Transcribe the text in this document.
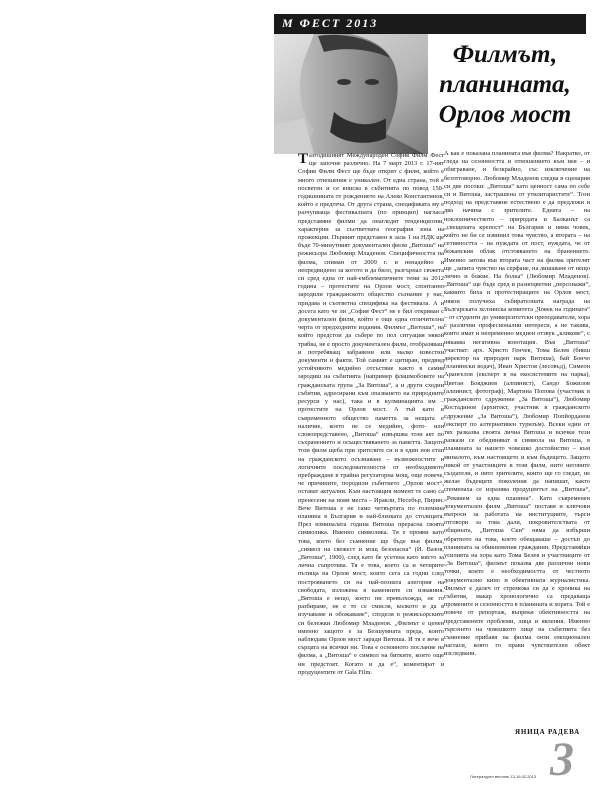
М ФЕСТ 2013
Филмът,
планината,
Орлов мост

Тазгодишният Международен София Филм Фест ще започне различно. На 7 март 2013 г. 17-ият София Филм Фест ще бъде открит с филм, който е много отношения е уникален. От една страна, той е посветен и се вписва в събитията по повод 150-годишнината от рождението на Алеко Константинов, който е предтеча. От друга страна, спецификата му е разчупваща фестивалната (по принцип) нагласа представяне филми да онагледят тенденциозни, характерни за съответната география зона на прожекции. Първият представен в зала 1 на НДК ще бъде 70-минутният документален филм „Витоша“ на режисьора Любомир Младенов. Специфичността на филма, сниман от 2009 г. и ненадейно и непредвидено за когото и да било, разгърнал сюжета си сред една от най-емблематичните теми за 2012 година – протестите на Орлов мост, спонтанно зародили гражданското общество съзнание у нас, придава и съответна специфика на фестивала. А и досега като че ли „София Фест“ не е бил откриван с документален филм, който е още една отличителна черта от предходните издания. Филмът „Витоша“, на който предстои да събере по пол ситуация някой трябва, не е просто документален филм, отобразяващ и потребяващ забравени или малко известни документи и факти. Той самият е цитиран, предвид устойчивото медийно отсъствие както в самия зародиш на събитията (например флашмобовете на гражданската група „За Витоша“, а и други сходни събития, адресирани към опазването на природните ресурси у нас), така и в кулминацията им – протестите на Орлов мост. А тъй като в съвременното общество паметта за нещата е наличие, което не се медийно, фото- или словопредставено, „Витоша“ извършва този акт по съхранението и осъществяването за паметта. Защото този филм щеба при зрителите си и в един нов етап на гражданското осъзнаване – възможностите и логичните последователности от необходимото пребраждане в трайна регулаторна мощ, още повече, че причините, породили събитието „Орлов мост“, остават актуални. Към настоящия момент те само са пренесени на нови места – Иракли, Несебър, Пирин. Вече Витоша е не само четвъртата по големина планина в България и най-близката до столицата. През изминалата година Витоша прерасна своята символика. Именно символика. Тя е прояви като това, което без съмнение ще бъде във филма, „символ на свежест и мощ безопасна“ (И. Вазов, „Витоша“, 1900), след като бе усетена като място за лична съпротива. Тя е това, което са и четирите пътища на Орлов мост, които сега са годни след построяването си на най-позната алегория на свободата, изложена в каменните си изваяния. „Витоша е нещо, което ни превъзхожда, не го разбираме, не е то се смисля, колкото и да я изучаваме и обожаваме“, споделя в режисьорските си бележки Любомир Младенов. „Филмът е ценен именно защото е за Безшумната преда, които наблюдава Орлов мост заради Витоша. И тя е вече в сърцата на всички ни. Това е основното послание на филма, а „Витоша“ е символ на битките, които още ни предстоят. Когато и да е“, коментират и продуцентите от Gala Film.

А как е показана планината във филма? Накратко, от гледа на сезонността и отношението към нея – и обиграване, и безкрайно, със изключение на безотговорно. Любомир Младенов следва в сценария си две посоки: „Витоша“ като ценност сама по себе си и Витоша, застрашена от утилитаристите“. Този подход на представяне естествено е да предложи и два начина с зрителите. Едната – на поклонничеството – природата и Балканът са „свещената крепост“ на България и няма човек, който не би се извинил това чувство, а втората – на сетивността – на нуждата от пост, нуждата, че от бежанския облак отстояването на бранението. Именно затова във втората част на филма зрителят ще „запита чувство на серфане, на лишаване от нещо лично и божие. На болка“ (Любомир Младенов). „Витоша“ ще бъде сред и разноцветни „персонажи“, каквито биха и протестиращите на Орлов мост, някои получиха събирателната награда на Българската хелзинска комитета „Човек на годината“ – от студенти до университетски преподаватели, хора с различни професионални интереси, а не такива, които имат и непременно медиен отзвук „кликове“, с някаква негативна конотация. Във „Витоша“ участват: арх. Христо Генчев, Тома Белев (бивш директор на природен парк Витоша), бай Бончо (планински водач), Иван Христов (лесовъд), Симеон Арангелов (експерт в на екосистемите на парка), Цветан Бояджиев (алпинист), Сандо Божилов (алпинист, фотограф), Мартина Попова (участник в гражданското сдружение „За Витоша“), Любомир Костадинов (архитект, участник в гражданското сдружение „За Витоша“), Любомир Попйорданов (експерт по алтернативен туризъм). Всеки един от тях разказва своята лична Витоша и всички тези разкази се обединяват в символа на Витоша, в планината за нашето човешко достойнство – към миналото, към настоящето и към бъдещето. Защото никой от участниците в този филм, нито неговите създатели, и нито зрителите, които ще го гледат, не желае бъдещите поколения да напишат, както споменаха се изразява продуцентът на „Витоша“, „Реквием за една планина“. Като съвременен документален филм „Витоша“ поставя и ключови въпроси за работата на институциите, търси отговори за това дали, покровителствата от общината, „Витоша Ски“ няма да избърши обратното на това, което обещаваше – достъп до планината за обикновения гражданин. Представяйки усилията на хора като Тома Белев и участниците от „За Витоша“, филмът показва две различни нови точки, които е необходимостта от честното документално кино и обективната журналистика. Филмът е далеч от стремежа си да е хроника на събития, макар хронологично са предаваща промените и сезонността в планината и хората. Той е повече от репортаж, въпреки обективността на представените проблеми, лица и явления. Именно търсенето на човешкото лице на събитията без съмнение прибавя на филма онзи емоционален нагласи, която го прави чувствителен обект изследвани.

ЯНИЦА РАДЕВА
Литературен вестник 13-19.02.2013 3
